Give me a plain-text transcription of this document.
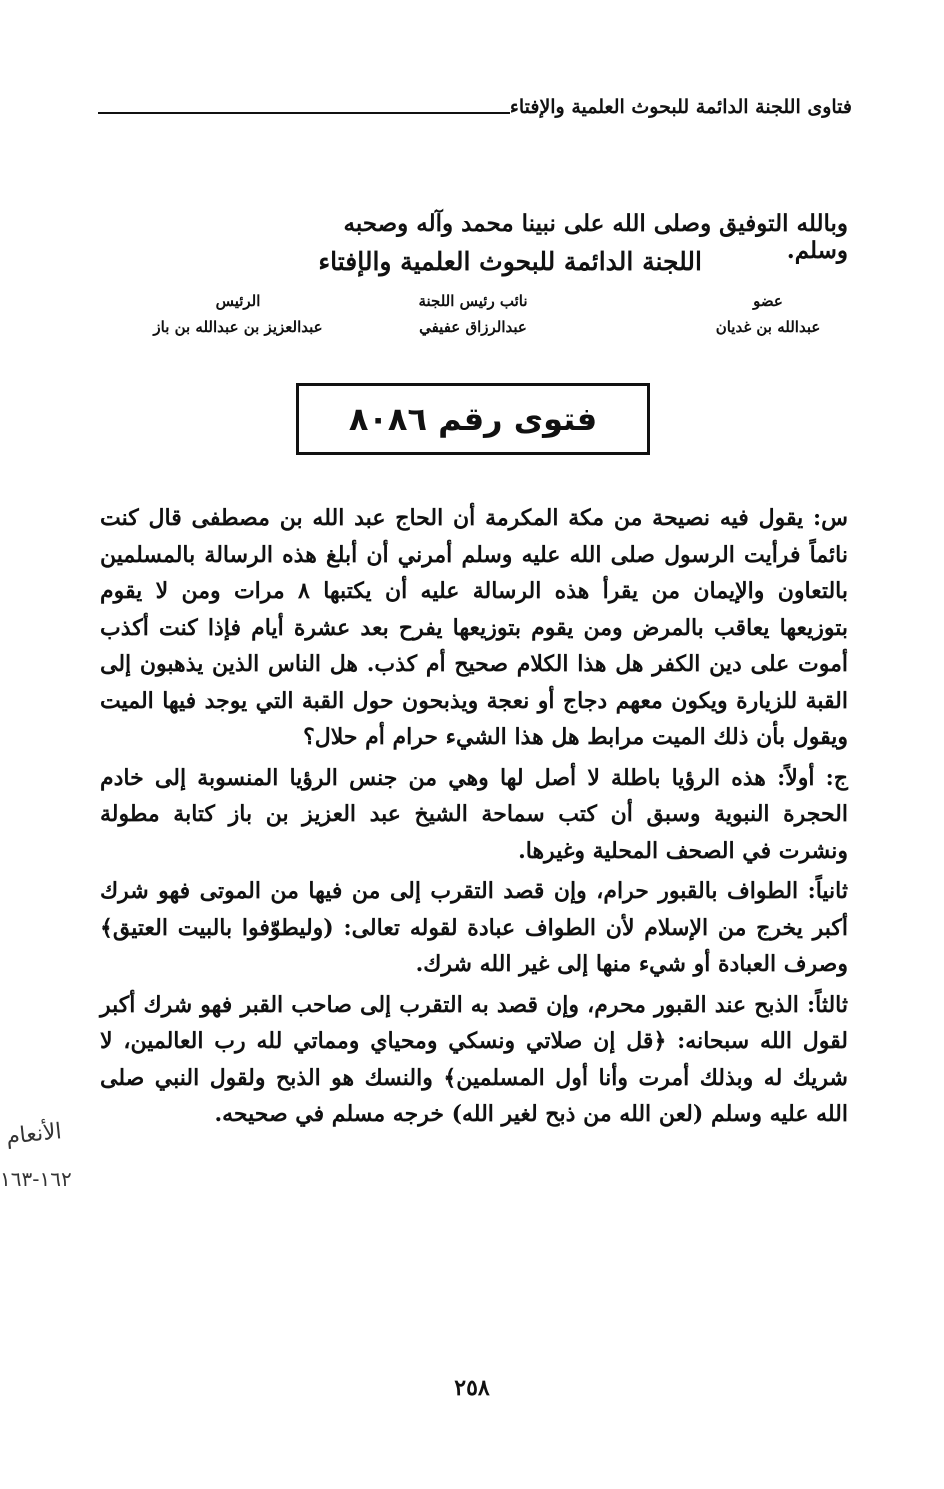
فتاوى اللجنة الدائمة للبحوث العلمية والإفتاء
وبالله التوفيق وصلى الله على نبينا محمد وآله وصحبه وسلم.
اللجنة الدائمة للبحوث العلمية والإفتاء
عضو
عبدالله بن غديان
نائب رئيس اللجنة
عبدالرزاق عفيفي
الرئيس
عبدالعزيز بن عبدالله بن باز
فتوى رقم ٨٠٨٦

س: يقول فيه نصيحة من مكة المكرمة أن الحاج عبد الله بن مصطفى قال كنت نائماً فرأيت الرسول صلى الله عليه وسلم أمرني أن أبلغ هذه الرسالة بالمسلمين بالتعاون والإيمان من يقرأ هذه الرسالة عليه أن يكتبها ٨ مرات ومن لا يقوم بتوزيعها يعاقب بالمرض ومن يقوم بتوزيعها يفرح بعد عشرة أيام فإذا كنت أكذب أموت على دين الكفر هل هذا الكلام صحيح أم كذب. هل الناس الذين يذهبون إلى القبة للزيارة ويكون معهم دجاج أو نعجة ويذبحون حول القبة التي يوجد فيها الميت ويقول بأن ذلك الميت مرابط هل هذا الشيء حرام أم حلال؟

ج: أولاً: هذه الرؤيا باطلة لا أصل لها وهي من جنس الرؤيا المنسوبة إلى خادم الحجرة النبوية وسبق أن كتب سماحة الشيخ عبد العزيز بن باز كتابة مطولة ونشرت في الصحف المحلية وغيرها.

ثانياً: الطواف بالقبور حرام، وإن قصد التقرب إلى من فيها من الموتى فهو شرك أكبر يخرج من الإسلام لأن الطواف عبادة لقوله تعالى: (وليطوّفوا بالبيت العتيق﴾ وصرف العبادة أو شيء منها إلى غير الله شرك.

ثالثاً: الذبح عند القبور محرم، وإن قصد به التقرب إلى صاحب القبر فهو شرك أكبر لقول الله سبحانه: ﴿قل إن صلاتي ونسكي ومحياي ومماتي لله رب العالمين، لا شريك له وبذلك أمرت وأنا أول المسلمين﴾ والنسك هو الذبح ولقول النبي صلى الله عليه وسلم (لعن الله من ذبح لغير الله) خرجه مسلم في صحيحه.

الأنعام
١٦٢-١٦٣
٢٥٨
